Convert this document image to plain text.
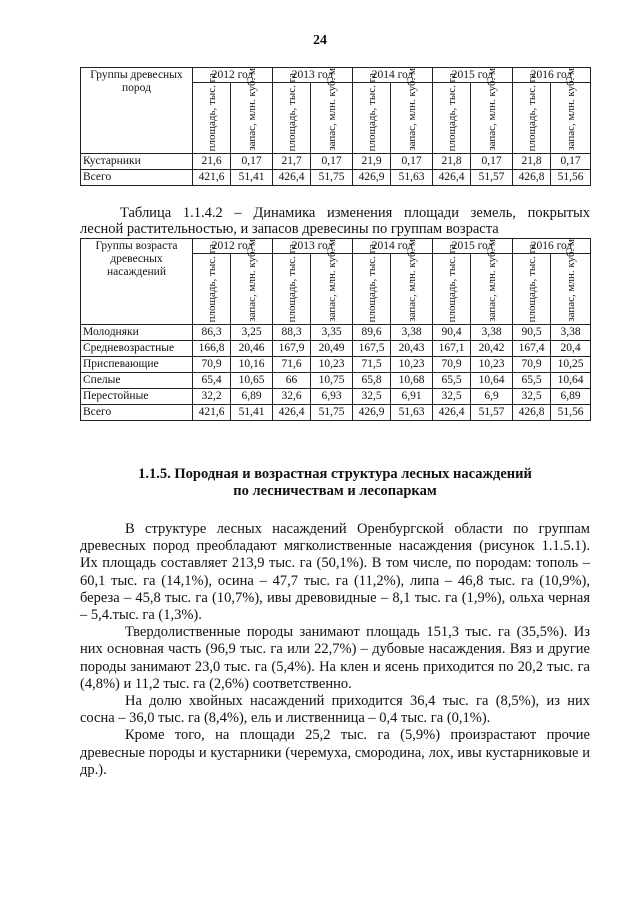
24
Группы древесных пород	2012 год		2013 год		2014 год		2015 год		2016 год	

	площадь, тыс. га	запас, млн. куб. м	площадь, тыс. га	запас, млн. куб. м	площадь, тыс. га	запас, млн. куб. м	площадь, тыс. га	запас, млн. куб. м	площадь, тыс. га	запас, млн. куб. м

Кустарники	21,6	0,17	21,7	0,17	21,9	0,17	21,8	0,17	21,8	0,17
Всего	421,6	51,41	426,4	51,75	426,9	51,63	426,4	51,57	426,8	51,56

Таблица 1.1.4.2 – Динамика изменения площади земель, покрытых

лесной растительностью, и запасов древесины по группам возраста

Группы возраста древесных насаждений	2012 год		2013 год		2014 год		2015 год		2016 год	

	площадь, тыс. га	запас, млн. куб. м	площадь, тыс. га	запас, млн. куб. м	площадь, тыс. га	запас, млн. куб. м	площадь, тыс. га	запас, млн. куб. м	площадь, тыс. га	запас, млн. куб. м

Молодняки	86,3	3,25	88,3	3,35	89,6	3,38	90,4	3,38	90,5	3,38
Средневозрастные	166,8	20,46	167,9	20,49	167,5	20,43	167,1	20,42	167,4	20,4
Приспевающие	70,9	10,16	71,6	10,23	71,5	10,23	70,9	10,23	70,9	10,25
Спелые	65,4	10,65	66	10,75	65,8	10,68	65,5	10,64	65,5	10,64
Перестойные	32,2	6,89	32,6	6,93	32,5	6,91	32,5	6,9	32,5	6,89
Всего	421,6	51,41	426,4	51,75	426,9	51,63	426,4	51,57	426,8	51,56
1.1.5. Породная и возрастная структура лесных насаждений
по лесничествам и лесопаркам

В структуре лесных насаждений Оренбургской области по группам древесных пород преобладают мягколиственные насаждения (рисунок 1.1.5.1). Их площадь составляет 213,9 тыс. га (50,1%). В том числе, по породам: тополь – 60,1 тыс. га (14,1%), осина – 47,7 тыс. га (11,2%), липа – 46,8 тыс. га (10,9%), береза – 45,8 тыс. га (10,7%), ивы древовидные – 8,1 тыс. га (1,9%), ольха черная – 5,4.тыс. га (1,3%).

Твердолиственные породы занимают площадь 151,3 тыс. га (35,5%). Из них основная часть (96,9 тыс. га или 22,7%) – дубовые насаждения. Вяз и другие породы занимают 23,0 тыс. га (5,4%). На клен и ясень приходится по 20,2 тыс. га (4,8%) и 11,2 тыс. га (2,6%) соответственно.

На долю хвойных насаждений приходится 36,4 тыс. га (8,5%), из них сосна – 36,0 тыс. га (8,4%), ель и лиственница – 0,4 тыс. га (0,1%).

Кроме того, на площади 25,2 тыс. га (5,9%) произрастают прочие древесные породы и кустарники (черемуха, смородина, лох, ивы кустарниковые и др.).
